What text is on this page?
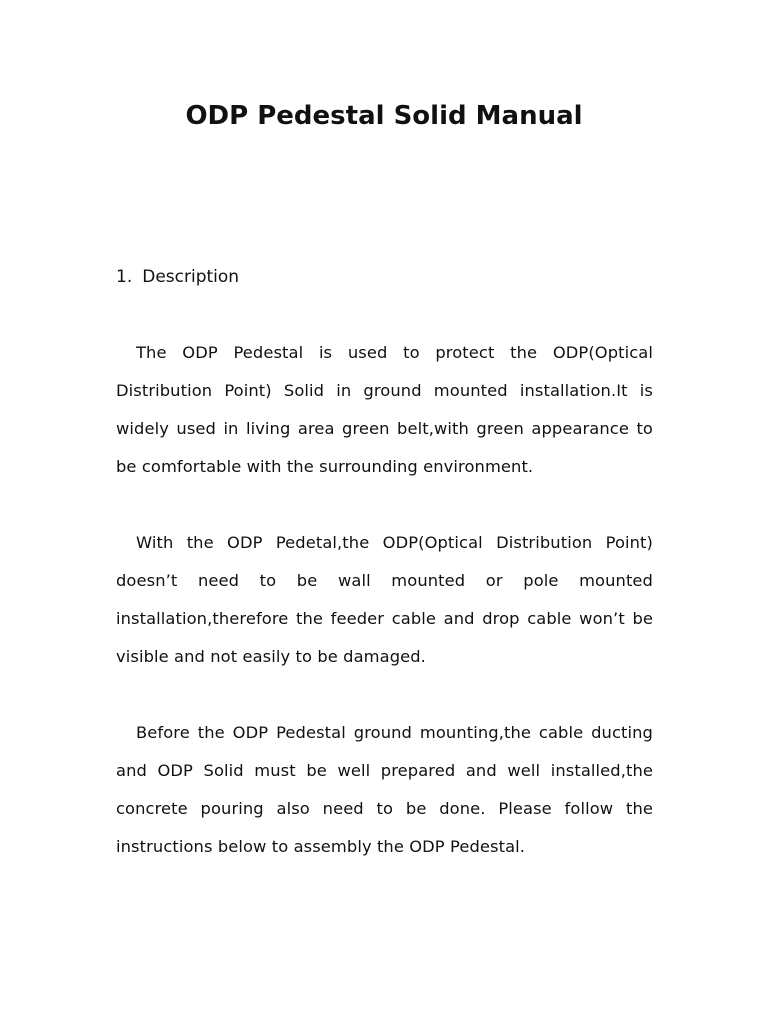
ODP Pedestal Solid Manual
1. Description

The ODP Pedestal is used to protect the ODP(Optical Distribution Point) Solid in ground mounted installation.It is widely used in living area green belt,with green appearance to be comfortable with the surrounding environment.

With the ODP Pedetal,the ODP(Optical Distribution Point) doesn’t need to be wall mounted or pole mounted installation,therefore the feeder cable and drop cable won’t be visible and not easily to be damaged.

Before the ODP Pedestal ground mounting,the cable ducting and ODP Solid must be well prepared and well installed,the concrete pouring also need to be done. Please follow the instructions below to assembly the ODP Pedestal.
